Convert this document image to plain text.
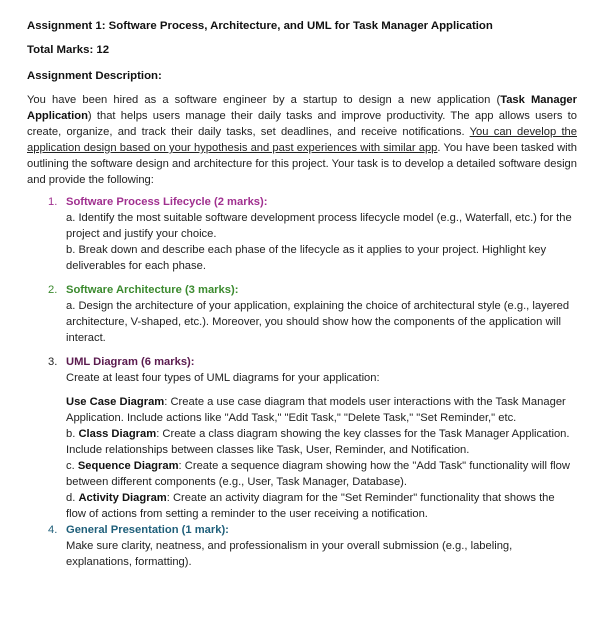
Assignment 1: Software Process, Architecture, and UML for Task Manager Application

Total Marks: 12

Assignment Description:

You have been hired as a software engineer by a startup to design a new application (Task Manager Application) that helps users manage their daily tasks and improve productivity. The app allows users to create, organize, and track their daily tasks, set deadlines, and receive notifications. You can develop the application design based on your hypothesis and past experiences with similar app. You have been tasked with outlining the software design and architecture for this project. Your task is to develop a detailed software design and provide the following:

1. Software Process Lifecycle (2 marks):
a. Identify the most suitable software development process lifecycle model (e.g., Waterfall, etc.) for the project and justify your choice.
b. Break down and describe each phase of the lifecycle as it applies to your project. Highlight key deliverables for each phase.
2. Software Architecture (3 marks):
a. Design the architecture of your application, explaining the choice of architectural style (e.g., layered architecture, V-shaped, etc.). Moreover, you should show how the components of the application will interact.
3. UML Diagram (6 marks):
Create at least four types of UML diagrams for your application:
Use Case Diagram: Create a use case diagram that models user interactions with the Task Manager Application. Include actions like "Add Task," "Edit Task," "Delete Task," "Set Reminder," etc.
b. Class Diagram: Create a class diagram showing the key classes for the Task Manager Application. Include relationships between classes like Task, User, Reminder, and Notification.
c. Sequence Diagram: Create a sequence diagram showing how the "Add Task" functionality will flow between different components (e.g., User, Task Manager, Database).
d. Activity Diagram: Create an activity diagram for the "Set Reminder" functionality that shows the flow of actions from setting a reminder to the user receiving a notification.
4. General Presentation (1 mark):
Make sure clarity, neatness, and professionalism in your overall submission (e.g., labeling, explanations, formatting).
